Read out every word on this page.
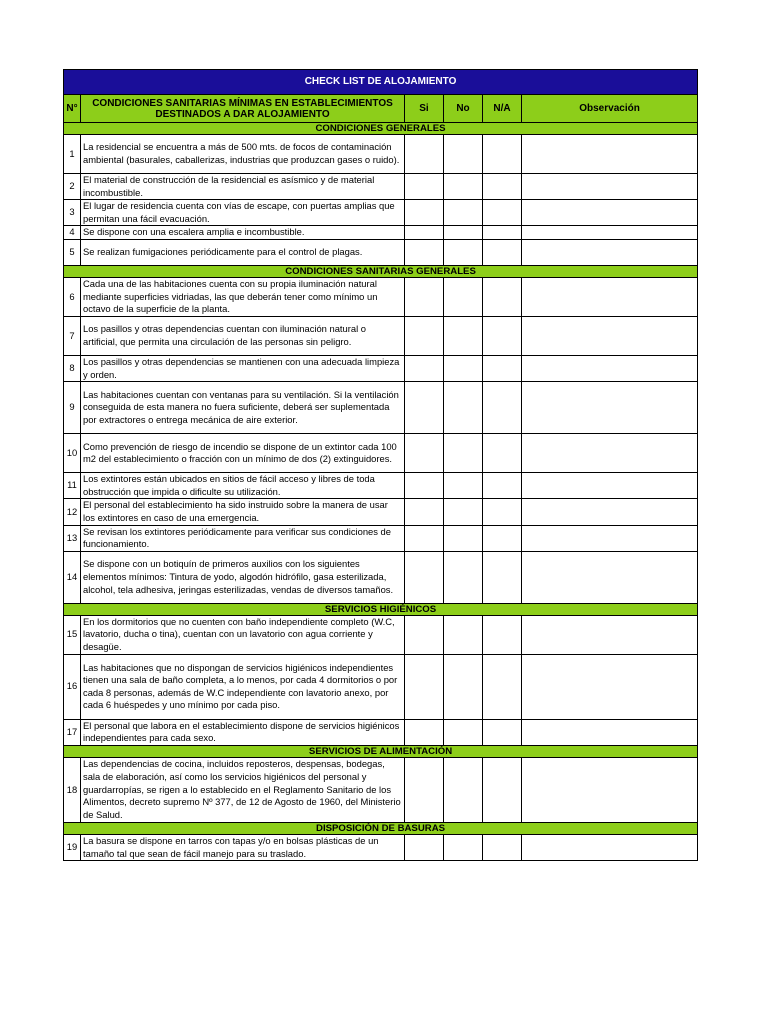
CHECK LIST DE ALOJAMIENTO					
N°	CONDICIONES SANITARIAS MÍNIMAS EN ESTABLECIMIENTOS DESTINADOS A DAR ALOJAMIENTO	Si	No	N/A	Observación
CONDICIONES GENERALES					
1	La residencial se encuentra a más de 500 mts. de focos de contaminación ambiental (basurales, caballerizas, industrias que produzcan gases o ruido).				
2	El material de construcción de la residencial es asísmico y de material incombustible.				
3	El lugar de residencia cuenta con vías de escape, con puertas amplias que permitan una fácil evacuación.				
4	Se dispone con una escalera amplia e incombustible.				
5	Se realizan fumigaciones periódicamente para el control de plagas.				
CONDICIONES SANITARIAS GENERALES					
6	Cada una de las habitaciones cuenta con su propia iluminación natural mediante superficies vidriadas, las que deberán tener como mínimo un octavo de la superficie de la planta.				
7	Los pasillos y otras dependencias cuentan con iluminación natural o artificial, que permita una circulación de las personas sin peligro.				
8	Los pasillos y otras dependencias se mantienen con una adecuada limpieza y orden.				
9	Las habitaciones cuentan con ventanas para su ventilación. Si la ventilación conseguida de esta manera no fuera suficiente, deberá ser suplementada por extractores o entrega mecánica de aire exterior.				
10	Como prevención de riesgo de incendio se dispone de un extintor cada 100 m2 del establecimiento o fracción con un mínimo de dos (2) extinguidores.				
11	Los extintores están ubicados en sitios de fácil acceso y libres de toda obstrucción que impida o dificulte su utilización.				
12	El personal del establecimiento ha sido instruido sobre la manera de usar los extintores en caso de una emergencia.				
13	Se revisan los extintores periódicamente para verificar sus condiciones de funcionamiento.				
14	Se dispone con un botiquín de primeros auxilios con los siguientes elementos mínimos: Tintura de yodo, algodón hidrófilo, gasa esterilizada, alcohol, tela adhesiva, jeringas esterilizadas, vendas de diversos tamaños.				
SERVICIOS HIGIÉNICOS					
15	En los dormitorios que no cuenten con baño independiente completo (W.C, lavatorio, ducha o tina), cuentan con un lavatorio con agua corriente y desagüe.				
16	Las habitaciones que no dispongan de servicios higiénicos independientes tienen una sala de baño completa, a lo menos, por cada 4 dormitorios o por cada 8 personas, además de W.C independiente con lavatorio anexo, por cada 6 huéspedes y uno mínimo por cada piso.				
17	El personal que labora en el establecimiento dispone de servicios higiénicos independientes para cada sexo.				
SERVICIOS DE ALIMENTACIÓN					
18	Las dependencias de cocina, incluidos reposteros, despensas, bodegas, sala de elaboración, así como los servicios higiénicos del personal y guardarropías, se rigen a lo establecido en el Reglamento Sanitario de los Alimentos, decreto supremo Nº 377, de 12 de Agosto de 1960, del Ministerio de Salud.				
DISPOSICIÓN DE BASURAS					
19	La basura se dispone en tarros con tapas y/o en bolsas plásticas de un tamaño tal que sean de fácil manejo para su traslado.				
